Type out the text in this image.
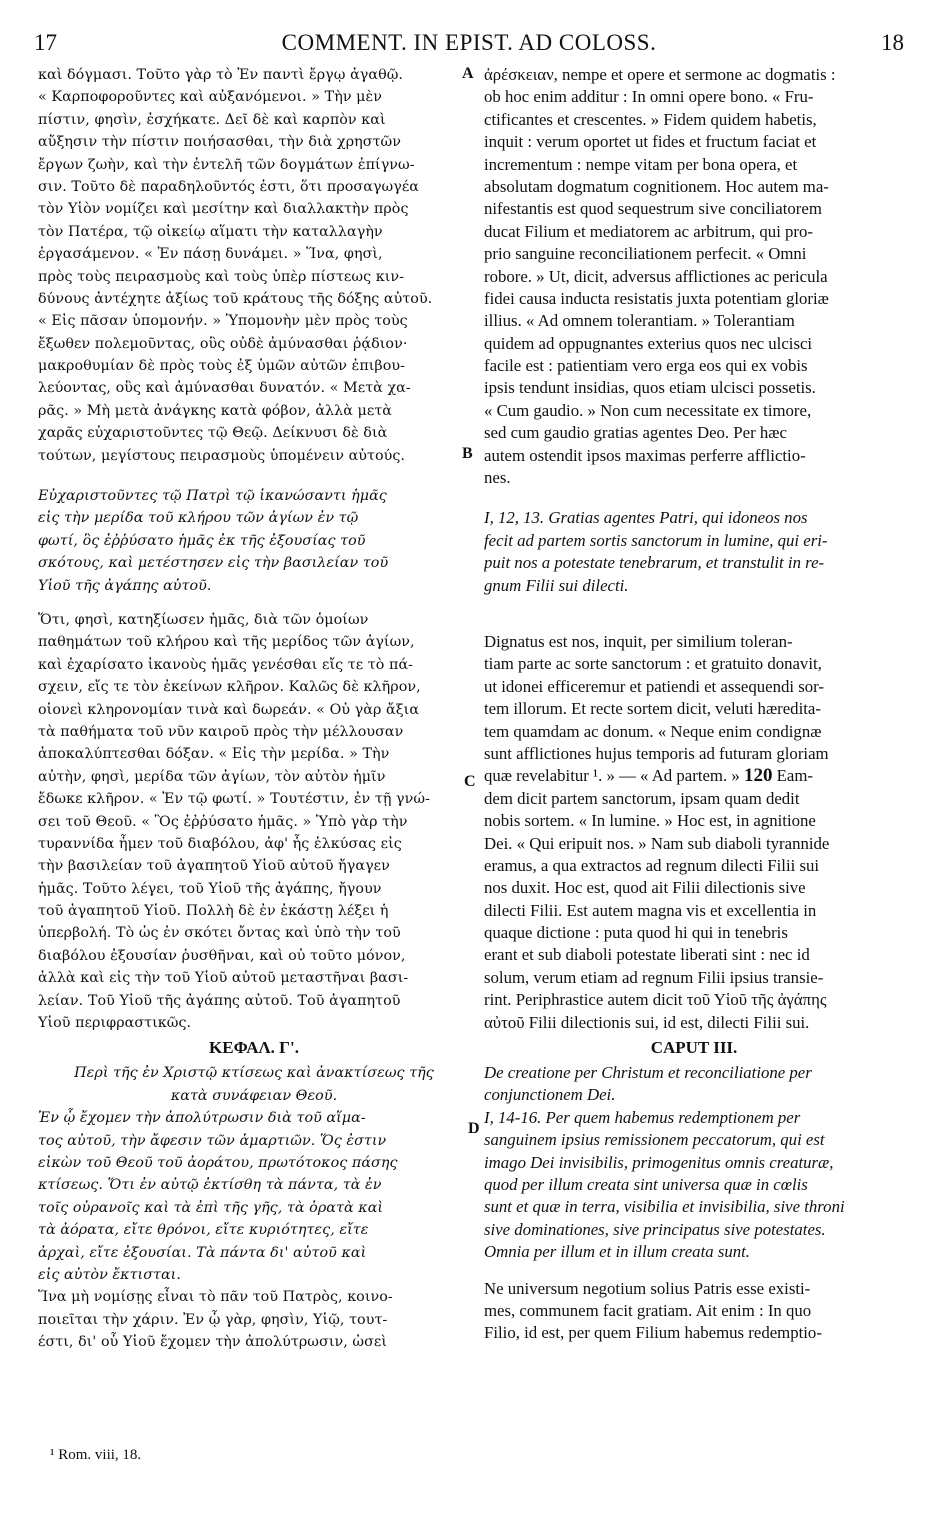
17	COMMENT. IN EPIST. AD COLOSS.	18
A
B
C
D
καὶ δόγμασι. Τοῦτο γὰρ τὸ Ἐν παντὶ ἔργῳ ἀγαθῷ.
« Καρποφοροῦντες καὶ αὐξανόμενοι. » Τὴν μὲν
πίστιν, φησὶν, ἐσχήκατε. Δεῖ δὲ καὶ καρπὸν καὶ
αὔξησιν τὴν πίστιν ποιήσασθαι, τὴν διὰ χρηστῶν
ἔργων ζωὴν, καὶ τὴν ἐντελῆ τῶν δογμάτων ἐπίγνω-
σιν. Τοῦτο δὲ παραδηλοῦντός ἐστι, ὅτι προσαγωγέα
τὸν Υἱὸν νομίζει καὶ μεσίτην καὶ διαλλακτὴν πρὸς
τὸν Πατέρα, τῷ οἰκείῳ αἵματι τὴν καταλλαγὴν
ἐργασάμενον. « Ἐν πάσῃ δυνάμει. » Ἵνα, φησὶ,
πρὸς τοὺς πειρασμοὺς καὶ τοὺς ὑπὲρ πίστεως κιν-
δύνους ἀντέχητε ἀξίως τοῦ κράτους τῆς δόξης αὐτοῦ.
« Εἰς πᾶσαν ὑπομονήν. » Ὑπομονὴν μὲν πρὸς τοὺς
ἔξωθεν πολεμοῦντας, οὓς οὐδὲ ἀμύνασθαι ῥᾴδιον·
μακροθυμίαν δὲ πρὸς τοὺς ἐξ ὑμῶν αὐτῶν ἐπιβου-
λεύοντας, οὓς καὶ ἀμύνασθαι δυνατόν. « Μετὰ χα-
ρᾶς. » Μὴ μετὰ ἀνάγκης κατὰ φόβον, ἀλλὰ μετὰ
χαρᾶς εὐχαριστοῦντες τῷ Θεῷ. Δείκνυσι δὲ διὰ
τούτων, μεγίστους πειρασμοὺς ὑπομένειν αὐτούς.
Εὐχαριστοῦντες τῷ Πατρὶ τῷ ἱκανώσαντι ἡμᾶς
εἰς τὴν μερίδα τοῦ κλήρου τῶν ἁγίων ἐν τῷ
φωτί, ὃς ἐῤῥύσατο ἡμᾶς ἐκ τῆς ἐξουσίας τοῦ
σκότους, καὶ μετέστησεν εἰς τὴν βασιλείαν τοῦ
Υἱοῦ τῆς ἀγάπης αὐτοῦ.
Ὅτι, φησὶ, κατηξίωσεν ἡμᾶς, διὰ τῶν ὁμοίων
παθημάτων τοῦ κλήρου καὶ τῆς μερίδος τῶν ἁγίων,
καὶ ἐχαρίσατο ἱκανοὺς ἡμᾶς γενέσθαι εἴς τε τὸ πά-
σχειν, εἴς τε τὸν ἐκείνων κλῆρον. Καλῶς δὲ κλῆρον,
οἱονεὶ κληρονομίαν τινὰ καὶ δωρεάν. « Οὐ γὰρ ἄξια
τὰ παθήματα τοῦ νῦν καιροῦ πρὸς τὴν μέλλουσαν
ἀποκαλύπτεσθαι δόξαν. « Εἰς τὴν μερίδα. » Τὴν
αὐτὴν, φησὶ, μερίδα τῶν ἁγίων, τὸν αὐτὸν ἡμῖν
ἔδωκε κλῆρον. « Ἐν τῷ φωτί. » Τουτέστιν, ἐν τῇ γνώ-
σει τοῦ Θεοῦ. « Ὃς ἐῤῥύσατο ἡμᾶς. » Ὑπὸ γὰρ τὴν
τυραννίδα ἦμεν τοῦ διαβόλου, ἀφ' ἧς ἑλκύσας εἰς
τὴν βασιλείαν τοῦ ἀγαπητοῦ Υἱοῦ αὐτοῦ ἤγαγεν
ἡμᾶς. Τοῦτο λέγει, τοῦ Υἱοῦ τῆς ἀγάπης, ἤγουν
τοῦ ἀγαπητοῦ Υἱοῦ. Πολλὴ δὲ ἐν ἑκάστῃ λέξει ἡ
ὑπερβολή. Τὸ ὡς ἐν σκότει ὄντας καὶ ὑπὸ τὴν τοῦ
διαβόλου ἐξουσίαν ῥυσθῆναι, καὶ οὐ τοῦτο μόνον,
ἀλλὰ καὶ εἰς τὴν τοῦ Υἱοῦ αὐτοῦ μεταστῆναι βασι-
λείαν. Τοῦ Υἱοῦ τῆς ἀγάπης αὐτοῦ. Τοῦ ἀγαπητοῦ
Υἱοῦ περιφραστικῶς.
ΚΕΦΑΛ. Γ'.
Περὶ τῆς ἐν Χριστῷ κτίσεως καὶ ἀνακτίσεως τῆς
κατὰ συνάφειαν Θεοῦ.
Ἐν ᾧ ἔχομεν τὴν ἀπολύτρωσιν διὰ τοῦ αἵμα-
τος αὐτοῦ, τὴν ἄφεσιν τῶν ἁμαρτιῶν. Ὅς ἐστιν
εἰκὼν τοῦ Θεοῦ τοῦ ἀοράτου, πρωτότοκος πάσης
κτίσεως. Ὅτι ἐν αὐτῷ ἐκτίσθη τὰ πάντα, τὰ ἐν
τοῖς οὐρανοῖς καὶ τὰ ἐπὶ τῆς γῆς, τὰ ὁρατὰ καὶ
τὰ ἀόρατα, εἴτε θρόνοι, εἴτε κυριότητες, εἴτε
ἀρχαὶ, εἴτε ἐξουσίαι. Τὰ πάντα δι' αὐτοῦ καὶ
εἰς αὐτὸν ἔκτισται.
Ἵνα μὴ νομίσῃς εἶναι τὸ πᾶν τοῦ Πατρὸς, κοινο-
ποιεῖται τὴν χάριν. Ἐν ᾧ γὰρ, φησὶν, Υἱῷ, τουτ-
έστι, δι' οὗ Υἱοῦ ἔχομεν τὴν ἀπολύτρωσιν, ὡσεὶ
ἀρέσκειαν, nempe et opere et sermone ac dogmatis :
ob hoc enim additur : In omni opere bono. « Fru-
ctificantes et crescentes. » Fidem quidem habetis,
inquit : verum oportet ut fides et fructum faciat et
incrementum : nempe vitam per bona opera, et
absolutam dogmatum cognitionem. Hoc autem ma-
nifestantis est quod sequestrum sive conciliatorem
ducat Filium et mediatorem ac arbitrum, qui pro-
prio sanguine reconciliationem perfecit. « Omni
robore. » Ut, dicit, adversus afflictiones ac pericula
fidei causa inducta resistatis juxta potentiam gloriæ
illius. « Ad omnem tolerantiam. » Tolerantiam
quidem ad oppugnantes exterius quos nec ulcisci
facile est : patientiam vero erga eos qui ex vobis
ipsis tendunt insidias, quos etiam ulcisci possetis.
« Cum gaudio. » Non cum necessitate ex timore,
sed cum gaudio gratias agentes Deo. Per hæc
autem ostendit ipsos maximas perferre afflictio-
nes.
I, 12, 13. Gratias agentes Patri, qui idoneos nos
fecit ad partem sortis sanctorum in lumine, qui eri-
puit nos a potestate tenebrarum, et transtulit in re-
gnum Filii sui dilecti.
Dignatus est nos, inquit, per similium toleran-
tiam parte ac sorte sanctorum : et gratuito donavit,
ut idonei efficeremur et patiendi et assequendi sor-
tem illorum. Et recte sortem dicit, veluti hæredita-
tem quamdam ac donum. « Neque enim condignæ
sunt afflictiones hujus temporis ad futuram gloriam
quæ revelabitur ¹. » — « Ad partem. » 120 Eam-
dem dicit partem sanctorum, ipsam quam dedit
nobis sortem. « In lumine. » Hoc est, in agnitione
Dei. « Qui eripuit nos. » Nam sub diaboli tyrannide
eramus, a qua extractos ad regnum dilecti Filii sui
nos duxit. Hoc est, quod ait Filii dilectionis sive
dilecti Filii. Est autem magna vis et excellentia in
quaque dictione : puta quod hi qui in tenebris
erant et sub diaboli potestate liberati sint : nec id
solum, verum etiam ad regnum Filii ipsius transie-
rint. Periphrastice autem dicit τοῦ Υἱοῦ τῆς ἀγάπης
αὐτοῦ Filii dilectionis sui, id est, dilecti Filii sui.
CAPUT III.
De creatione per Christum et reconciliatione per
conjunctionem Dei.
I, 14-16. Per quem habemus redemptionem per
sanguinem ipsius remissionem peccatorum, qui est
imago Dei invisibilis, primogenitus omnis creaturæ,
quod per illum creata sint universa quæ in cœlis
sunt et quæ in terra, visibilia et invisibilia, sive throni
sive dominationes, sive principatus sive potestates.
Omnia per illum et in illum creata sunt.
Ne universum negotium solius Patris esse existi-
mes, communem facit gratiam. Ait enim : In quo
Filio, id est, per quem Filium habemus redemptio-
¹ Rom. viii, 18.
